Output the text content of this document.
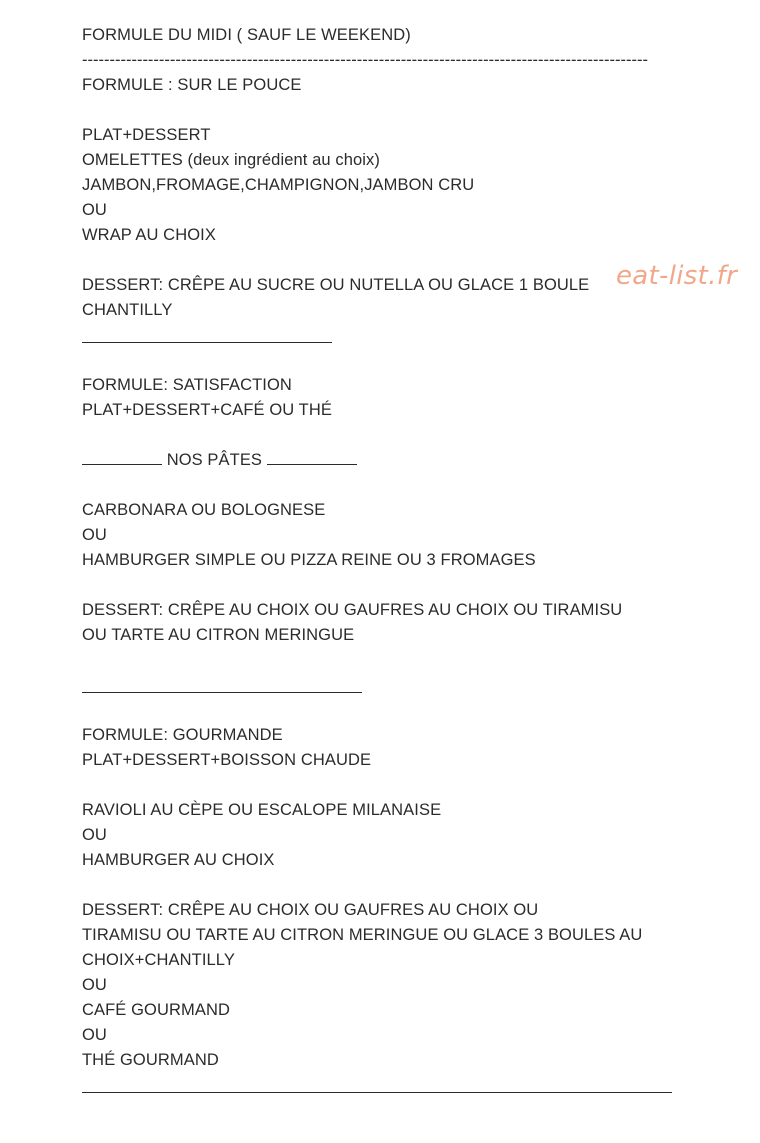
eat-list.fr
FORMULE DU MIDI ( SAUF LE WEEKEND)
-------------------------------------------------------------------------------------------------------
FORMULE : SUR LE POUCE
PLAT+DESSERT
OMELETTES (deux ingrédient au choix)
JAMBON,FROMAGE,CHAMPIGNON,JAMBON CRU
OU
WRAP AU CHOIX
DESSERT: CRÊPE AU SUCRE OU NUTELLA OU GLACE 1 BOULE
CHANTILLY
FORMULE: SATISFACTION
PLAT+DESSERT+CAFÉ OU THÉ
NOS PÂTES
CARBONARA OU BOLOGNESE
OU
HAMBURGER SIMPLE OU PIZZA REINE OU 3 FROMAGES
DESSERT: CRÊPE AU CHOIX OU GAUFRES AU CHOIX OU TIRAMISU
OU TARTE AU CITRON MERINGUE
FORMULE: GOURMANDE
PLAT+DESSERT+BOISSON CHAUDE
RAVIOLI AU CÈPE OU ESCALOPE MILANAISE
OU
HAMBURGER AU CHOIX
DESSERT: CRÊPE AU CHOIX OU GAUFRES AU CHOIX OU
TIRAMISU OU TARTE AU CITRON MERINGUE OU GLACE 3 BOULES AU
CHOIX+CHANTILLY
OU
CAFÉ GOURMAND
OU
THÉ GOURMAND
